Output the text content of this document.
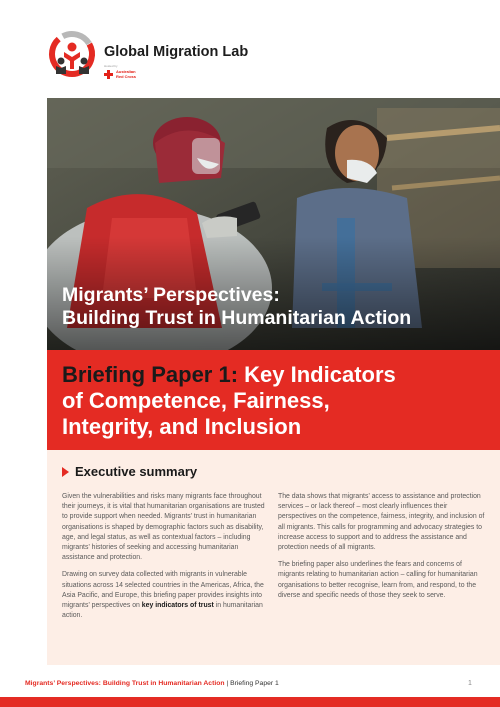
Global Migration Lab
Hosted by
Australian
Red Cross
Migrants’ Perspectives:
Building Trust in Humanitarian Action
Briefing Paper 1: Key Indicators
of Competence, Fairness,
Integrity, and Inclusion
Executive summary

Given the vulnerabilities and risks many migrants face throughout their journeys, it is vital that humanitarian organisations are trusted to provide support when needed. Migrants’ trust in humanitarian organisations is shaped by demographic factors such as disability, age, and legal status, as well as contextual factors – including migrants’ histories of seeking and accessing humanitarian assistance and protection.

Drawing on survey data collected with migrants in vulnerable situations across 14 selected countries in the Americas, Africa, the Asia Pacific, and Europe, this briefing paper provides insights into migrants’ perspectives on key indicators of trust in humanitarian action.

The data shows that migrants’ access to assistance and protection services – or lack thereof – most clearly influences their perspectives on the competence, fairness, integrity, and inclusion of all migrants. This calls for programming and advocacy strategies to increase access to support and to address the assistance and protection needs of all migrants.

The briefing paper also underlines the fears and concerns of migrants relating to humanitarian action – calling for humanitarian organisations to better recognise, learn from, and respond, to the diverse and specific needs of those they seek to serve.

Migrants’ Perspectives: Building Trust in Humanitarian Action | Briefing Paper 1	1
